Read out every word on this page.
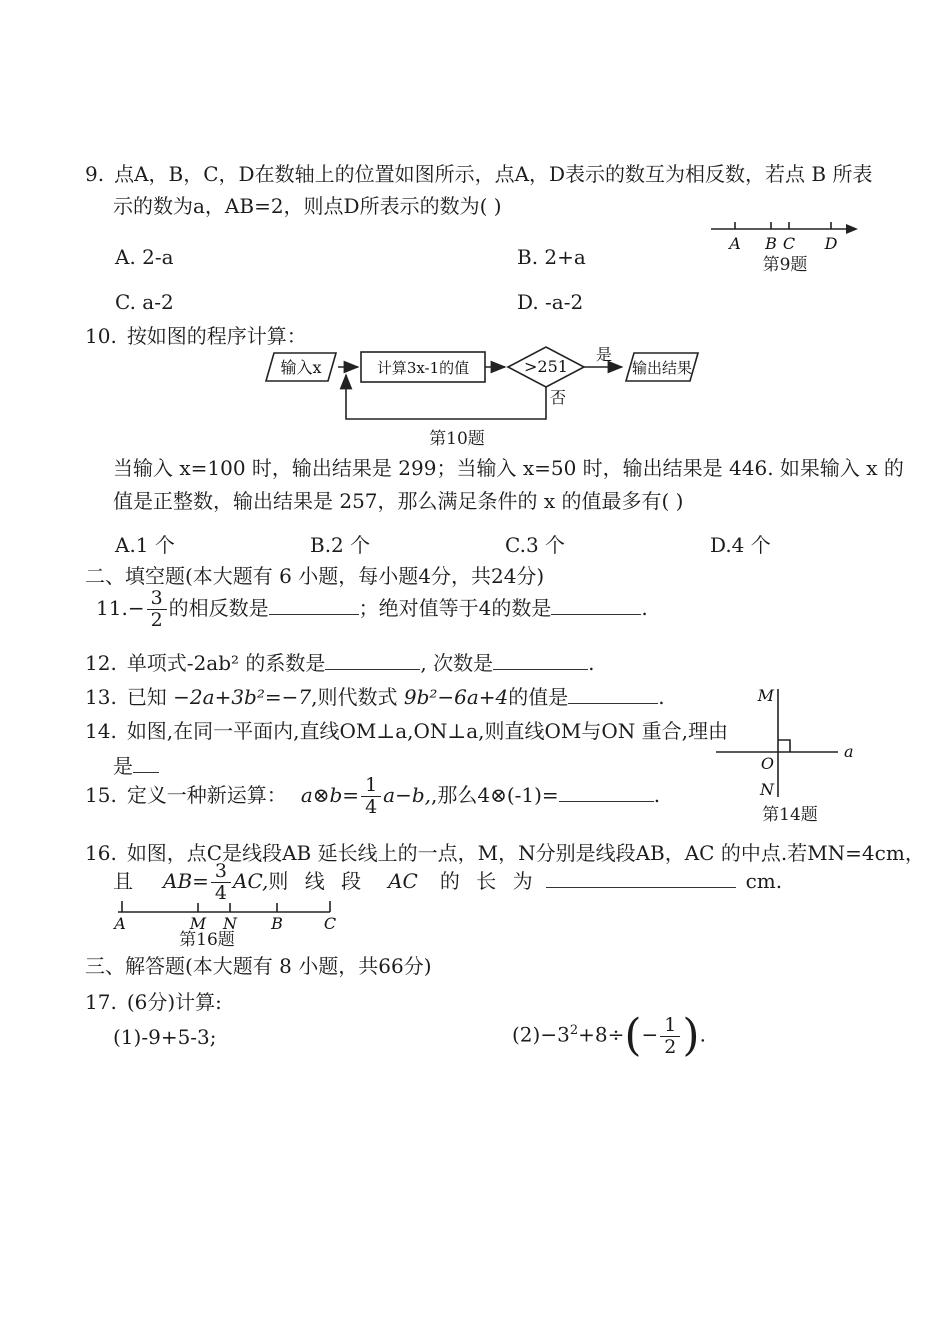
9. 点A，B，C，D在数轴上的位置如图所示，点A，D表示的数互为相反数，若点 B 所表
示的数为a，AB=2，则点D所表示的数为( )
A B C D
第9题
A. 2-a	B. 2+a
C. a-2	D. -a-2
10. 按如图的程序计算：
输入x	计算3x-1的值	>251
是
输出结果
否
第10题
当输入 x=100 时，输出结果是 299；当输入 x=50 时，输出结果是 446. 如果输入 x 的
值是正整数，输出结果是 257，那么满足条件的 x 的值最多有( )
A.1 个	B.2 个	C.3 个	D.4 个
二、填空题(本大题有 6 小题，每小题4分，共24分)
$11.- \frac{3}{2}$ 的相反数是	；绝对值等于4的数是	.
12. 单项式-2ab² 的系数是	, 次数是	.
13. 已知 −2a+3b²=−7,则代数式 9b²−6a+4的值是	.
14. 如图,在同一平面内,直线OM⊥a,ON⊥a,则直线OM与ON 重合,理由
是
M
N
O
a
第14题
15. 定义一种新运算： a⊗b= $\frac{1}{4} a-b$,,那么4⊗(-1)=	.
16. 如图，点C是线段AB 延长线上的一点，M，N分别是线段AB，AC 的中点.若MN=4cm，
且 $AB= \frac{3}{4}$ AC,则 线 段 AC 的 长 为	cm.
A	M N B	C
第16题
三、解答题(本大题有 8 小题，共66分)
17. (6分)计算:
(1)-9+5-3;	$(2)-3^2+8\div(- \frac{1}{2}$ ).
